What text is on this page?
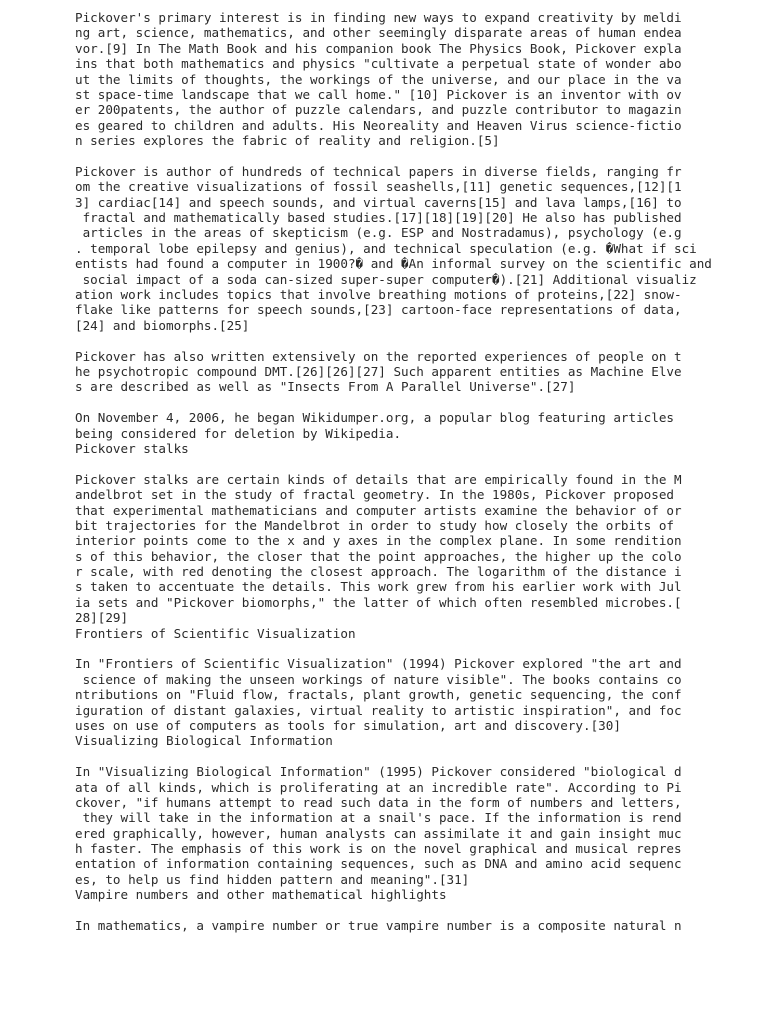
Pickover's primary interest is in finding new ways to expand creativity by meldi
ng art, science, mathematics, and other seemingly disparate areas of human endea
vor.[9] In The Math Book and his companion book The Physics Book, Pickover expla
ins that both mathematics and physics "cultivate a perpetual state of wonder abo
ut the limits of thoughts, the workings of the universe, and our place in the va
st space-time landscape that we call home." [10] Pickover is an inventor with ov
er 200patents, the author of puzzle calendars, and puzzle contributor to magazin
es geared to children and adults. His Neoreality and Heaven Virus science-fictio
n series explores the fabric of reality and religion.[5]
Pickover is author of hundreds of technical papers in diverse fields, ranging fr
om the creative visualizations of fossil seashells,[11] genetic sequences,[12][1
3] cardiac[14] and speech sounds, and virtual caverns[15] and lava lamps,[16] to
fractal and mathematically based studies.[17][18][19][20] He also has published
articles in the areas of skepticism (e.g. ESP and Nostradamus), psychology (e.g
. temporal lobe epilepsy and genius), and technical speculation (e.g. �What if sci
entists had found a computer in 1900?� and �An informal survey on the scientific and
social impact of a soda can-sized super-super computer�).[21] Additional visualiz
ation work includes topics that involve breathing motions of proteins,[22] snow-
flake like patterns for speech sounds,[23] cartoon-face representations of data,
[24] and biomorphs.[25]
Pickover has also written extensively on the reported experiences of people on t
he psychotropic compound DMT.[26][26][27] Such apparent entities as Machine Elve
s are described as well as "Insects From A Parallel Universe".[27]
On November 4, 2006, he began Wikidumper.org, a popular blog featuring articles
being considered for deletion by Wikipedia.
Pickover stalks
Pickover stalks are certain kinds of details that are empirically found in the M
andelbrot set in the study of fractal geometry. In the 1980s, Pickover proposed
that experimental mathematicians and computer artists examine the behavior of or
bit trajectories for the Mandelbrot in order to study how closely the orbits of
interior points come to the x and y axes in the complex plane. In some rendition
s of this behavior, the closer that the point approaches, the higher up the colo
r scale, with red denoting the closest approach. The logarithm of the distance i
s taken to accentuate the details. This work grew from his earlier work with Jul
ia sets and "Pickover biomorphs," the latter of which often resembled microbes.[
28][29]
Frontiers of Scientific Visualization
In "Frontiers of Scientific Visualization" (1994) Pickover explored "the art and
science of making the unseen workings of nature visible". The books contains co
ntributions on "Fluid flow, fractals, plant growth, genetic sequencing, the conf
iguration of distant galaxies, virtual reality to artistic inspiration", and foc
uses on use of computers as tools for simulation, art and discovery.[30]
Visualizing Biological Information
In "Visualizing Biological Information" (1995) Pickover considered "biological d
ata of all kinds, which is proliferating at an incredible rate". According to Pi
ckover, "if humans attempt to read such data in the form of numbers and letters,
they will take in the information at a snail's pace. If the information is rend
ered graphically, however, human analysts can assimilate it and gain insight muc
h faster. The emphasis of this work is on the novel graphical and musical repres
entation of information containing sequences, such as DNA and amino acid sequenc
es, to help us find hidden pattern and meaning".[31]
Vampire numbers and other mathematical highlights
In mathematics, a vampire number or true vampire number is a composite natural n
